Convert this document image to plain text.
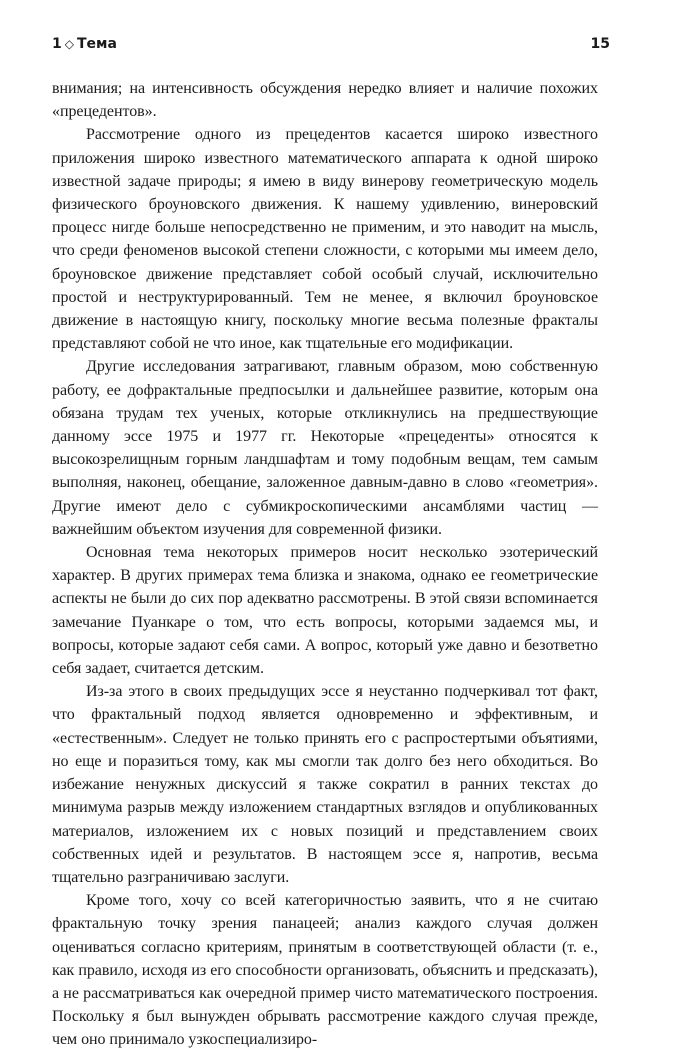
1 ◇ Тема	15

внимания; на интенсивность обсуждения нередко влияет и наличие похожих «прецедентов».

Рассмотрение одного из прецедентов касается широко известного приложения широко известного математического аппарата к одной широко известной задаче природы; я имею в виду винерову геометрическую модель физического броуновского движения. К нашему удивлению, винеровский процесс нигде больше непосредственно не применим, и это наводит на мысль, что среди феноменов высокой степени сложности, с которыми мы имеем дело, броуновское движение представляет собой особый случай, исключительно простой и неструктурированный. Тем не менее, я включил броуновское движение в настоящую книгу, поскольку многие весьма полезные фракталы представляют собой не что иное, как тщательные его модификации.

Другие исследования затрагивают, главным образом, мою собственную работу, ее дофрактальные предпосылки и дальнейшее развитие, которым она обязана трудам тех ученых, которые откликнулись на предшествующие данному эссе 1975 и 1977 гг. Некоторые «прецеденты» относятся к высокозрелищным горным ландшафтам и тому подобным вещам, тем самым выполняя, наконец, обещание, заложенное давным-давно в слово «геометрия». Другие имеют дело с субмикроскопическими ансамблями частиц — важнейшим объектом изучения для современной физики.

Основная тема некоторых примеров носит несколько эзотерический характер. В других примерах тема близка и знакома, однако ее геометрические аспекты не были до сих пор адекватно рассмотрены. В этой связи вспоминается замечание Пуанкаре о том, что есть вопросы, которыми задаемся мы, и вопросы, которые задают себя сами. А вопрос, который уже давно и безответно себя задает, считается детским.

Из-за этого в своих предыдущих эссе я неустанно подчеркивал тот факт, что фрактальный подход является одновременно и эффективным, и «естественным». Следует не только принять его с распростертыми объятиями, но еще и поразиться тому, как мы смогли так долго без него обходиться. Во избежание ненужных дискуссий я также сократил в ранних текстах до минимума разрыв между изложением стандартных взглядов и опубликованных материалов, изложением их с новых позиций и представлением своих собственных идей и результатов. В настоящем эссе я, напротив, весьма тщательно разграничиваю заслуги.

Кроме того, хочу со всей категоричностью заявить, что я не считаю фрактальную точку зрения панацеей; анализ каждого случая должен оцениваться согласно критериям, принятым в соответствующей области (т. е., как правило, исходя из его способности организовать, объяснить и предсказать), а не рассматриваться как очередной пример чисто математического построения. Поскольку я был вынужден обрывать рассмотрение каждого случая прежде, чем оно принимало узкоспециализиро-
